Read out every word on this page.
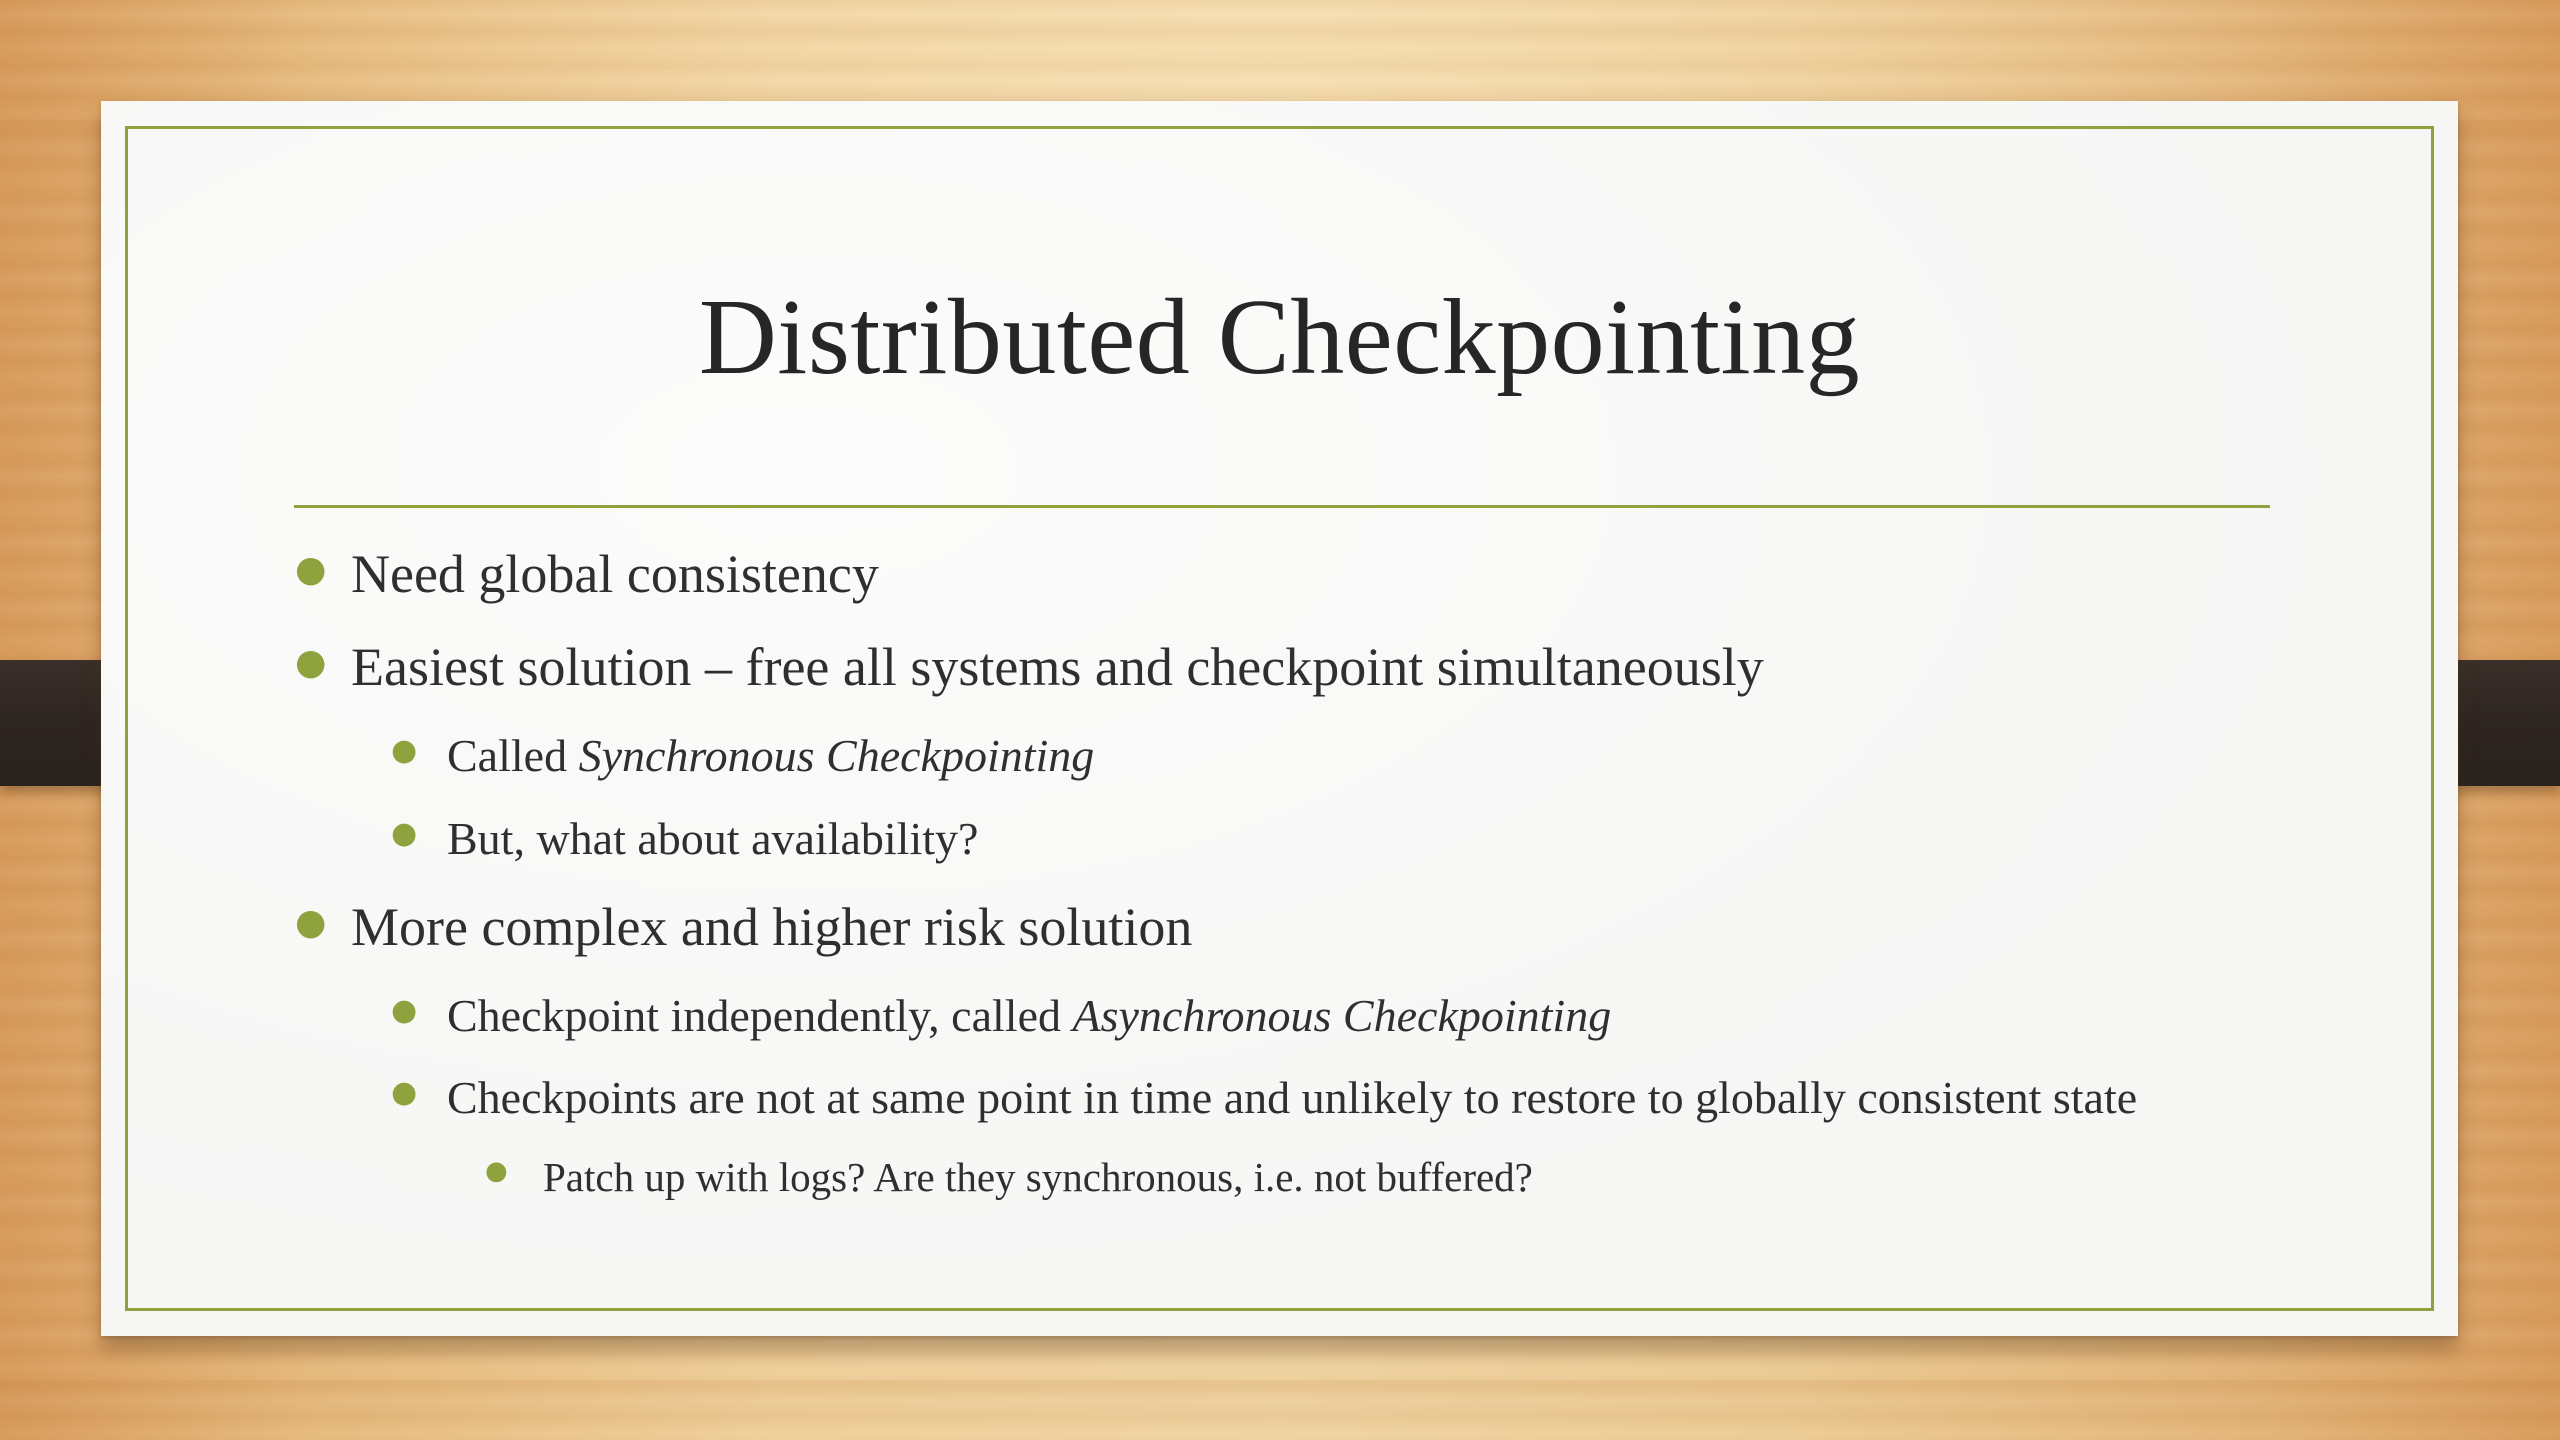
Distributed Checkpointing
● Need global consistency
● Easiest solution – free all systems and checkpoint simultaneously
● Called Synchronous Checkpointing
● But, what about availability?
● More complex and higher risk solution
● Checkpoint independently, called Asynchronous Checkpointing
● Checkpoints are not at same point in time and unlikely to restore to globally consistent state
● Patch up with logs? Are they synchronous, i.e. not buffered?
